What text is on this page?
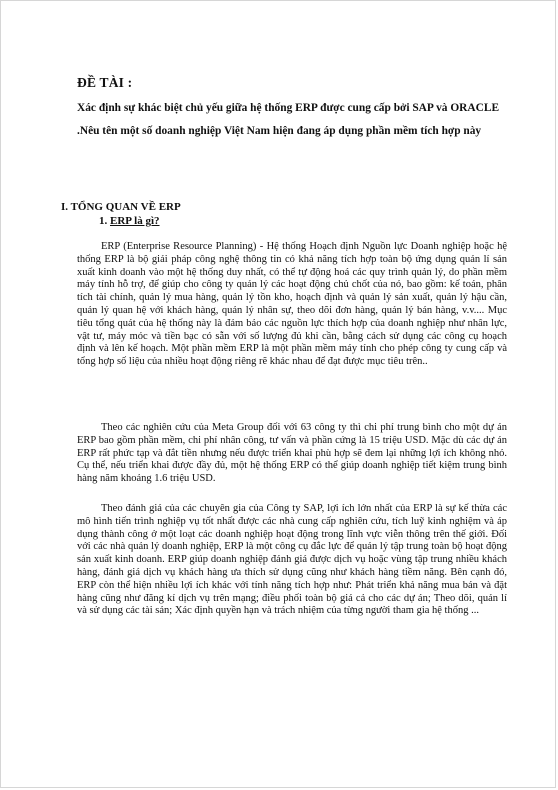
ĐỀ TÀI :
Xác định sự khác biệt chủ yếu giữa hệ thống ERP được cung cấp bởi SAP và ORACLE .Nêu tên một số doanh nghiệp Việt Nam hiện đang áp dụng phần mềm tích hợp này
I. TỔNG QUAN VỀ ERP
1. ERP là gì?

ERP (Enterprise Resource Planning) - Hệ thống Hoạch định Nguồn lực Doanh nghiệp hoặc hệ thống ERP là bộ giải pháp công nghệ thông tin có khả năng tích hợp toàn bộ ứng dụng quản lí sản xuất kinh doanh vào một hệ thống duy nhất, có thể tự động hoá các quy trình quản lý, do phần mềm máy tính hỗ trợ, để giúp cho công ty quản lý các hoạt động chủ chốt của nó, bao gồm: kế toán, phân tích tài chính, quản lý mua hàng, quản lý tồn kho, hoạch định và quản lý sản xuất, quản lý hậu cần, quản lý quan hệ với khách hàng, quản lý nhân sự, theo dõi đơn hàng, quản lý bán hàng, v.v.... Mục tiêu tổng quát của hệ thống này là đảm bảo các nguồn lực thích hợp của doanh nghiệp như nhân lực, vật tư, máy móc và tiền bạc có sẵn với số lượng đủ khi cần, bằng cách sử dụng các công cụ hoạch định và lên kế hoạch. Một phần mềm ERP là một phần mềm máy tính cho phép công ty cung cấp và tổng hợp số liệu của nhiều hoạt động riêng rẽ khác nhau để đạt được mục tiêu trên..

Theo các nghiên cứu của Meta Group đối với 63 công ty thì chi phí trung bình cho một dự án ERP bao gồm phần mềm, chi phí nhân công, tư vấn và phần cứng là 15 triệu USD. Mặc dù các dự án ERP rất phức tạp và đắt tiền nhưng nếu được triển khai phù hợp sẽ đem lại những lợi ích không nhỏ. Cụ thể, nếu triển khai được đầy đủ, một hệ thống ERP có thể giúp doanh nghiệp tiết kiệm trung bình hàng năm khoảng 1.6 triệu USD.

Theo đánh giá của các chuyên gia của Công ty SAP, lợi ích lớn nhất của ERP là sự kế thừa các mô hình tiến trình nghiệp vụ tốt nhất được các nhà cung cấp nghiên cứu, tích luỹ kinh nghiệm và áp dụng thành công ở một loạt các doanh nghiệp hoạt động trong lĩnh vực viễn thông trên thế giới. Đối với các nhà quản lý doanh nghiệp, ERP là một công cụ đắc lực để quản lý tập trung toàn bộ hoạt động sản xuất kinh doanh. ERP giúp doanh nghiệp đánh giá được dịch vụ hoặc vùng tập trung nhiều khách hàng, đánh giá dịch vụ khách hàng ưa thích sử dụng cũng như khách hàng tiềm năng. Bên cạnh đó, ERP còn thể hiện nhiều lợi ích khác với tính năng tích hợp như: Phát triển khả năng mua bán và đặt hàng cũng như đăng kí dịch vụ trên mạng; điều phối toàn bộ giá cả cho các dự án; Theo dõi, quản lí và sử dụng các tài sản; Xác định quyền hạn và trách nhiệm của từng người tham gia hệ thống ...
